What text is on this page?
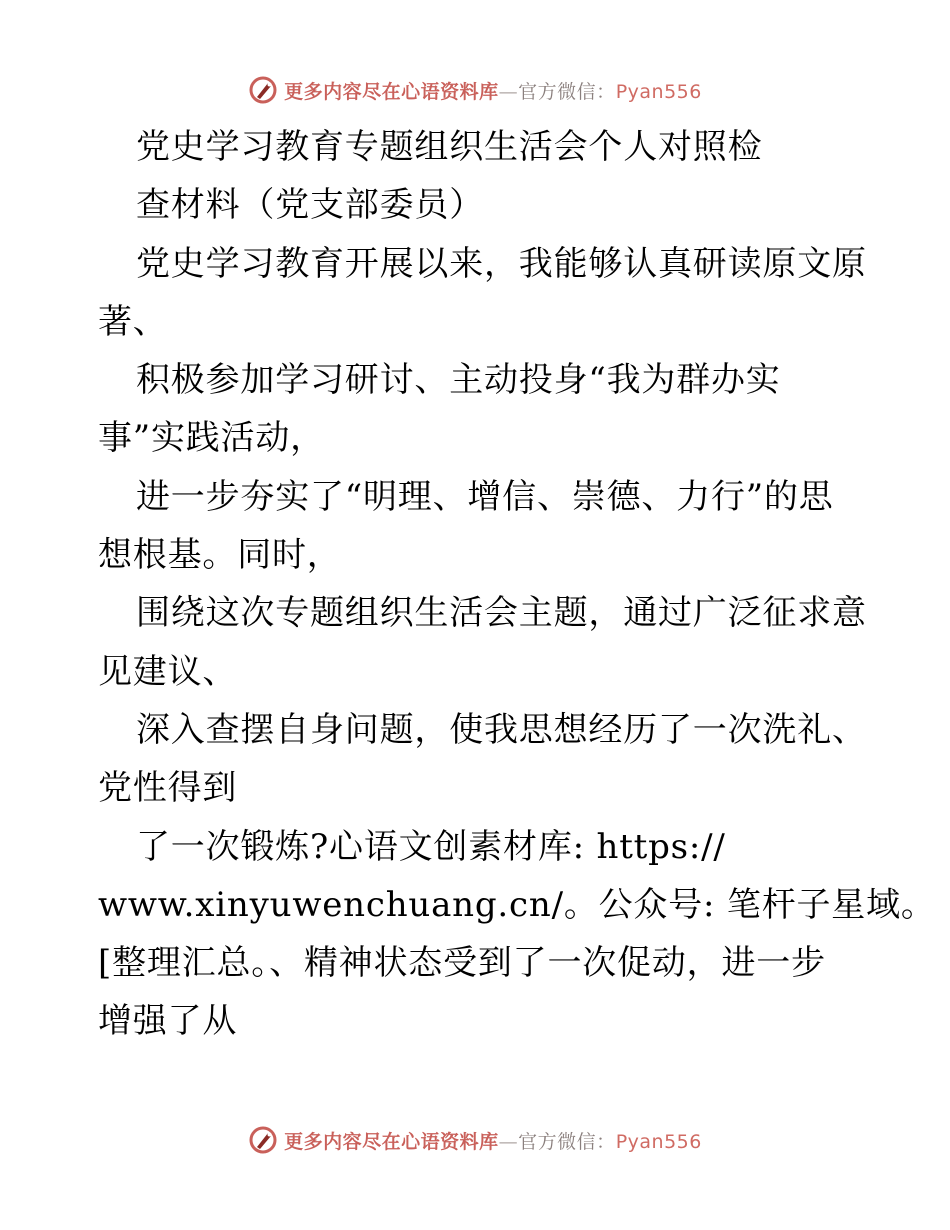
更多内容尽在心语资料库—官方微信：Pyan556
党史学习教育专题组织生活会个人对照检
查材料（党支部委员）
党史学习教育开展以来，我能够认真研读原文原
著、
积极参加学习研讨、主动投身“我为群办实
事”实践活动，
进一步夯实了“明理、增信、崇德、力行”的思
想根基。同时，
围绕这次专题组织生活会主题，通过广泛征求意
见建议、
深入查摆自身问题，使我思想经历了一次洗礼、
党性得到
了一次锻炼?心语文创素材库: https://
www.xinyuwenchuang.cn/。公众号: 笔杆子星域。
[整理汇总。、精神状态受到了一次促动，进一步
增强了从
更多内容尽在心语资料库—官方微信：Pyan556
